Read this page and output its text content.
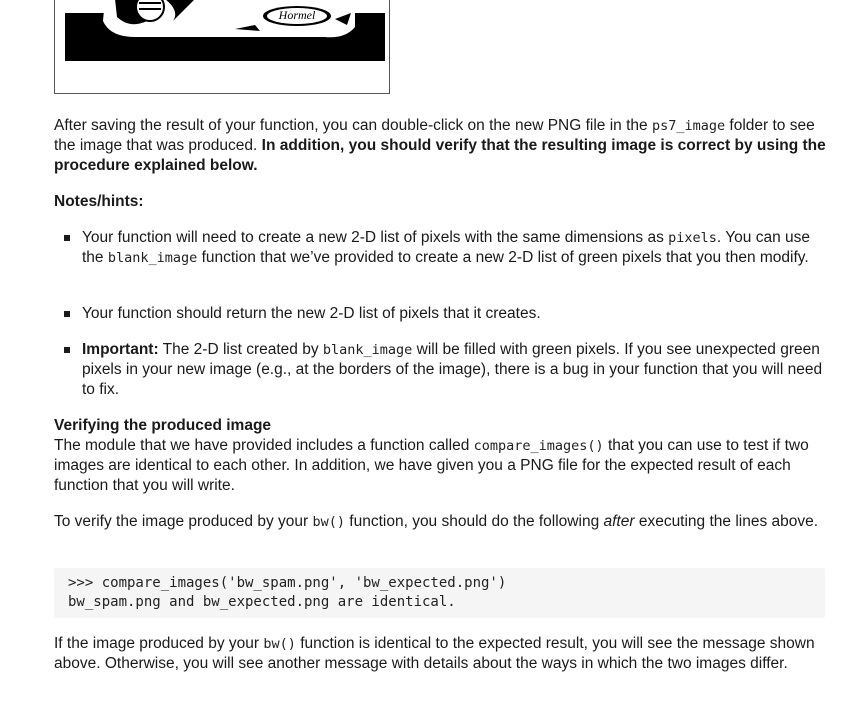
Hormel

After saving the result of your function, you can double-click on the new PNG file in the ps7_image folder to see the image that was produced. In addition, you should verify that the resulting image is correct by using the procedure explained below.

Notes/hints:

Your function will need to create a new 2-D list of pixels with the same dimensions as pixels. You can use the blank_image function that we’ve provided to create a new 2-D list of green pixels that you then modify.
Your function should return the new 2-D list of pixels that it creates.
Important: The 2-D list created by blank_image will be filled with green pixels. If you see unexpected green pixels in your new image (e.g., at the borders of the image), there is a bug in your function that you will need to fix.

Verifying the produced image
The module that we have provided includes a function called compare_images() that you can use to test if two images are identical to each other. In addition, we have given you a PNG file for the expected result of each function that you will write.

To verify the image produced by your bw() function, you should do the following after executing the lines above.

>>> compare_images('bw_spam.png', 'bw_expected.png')
bw_spam.png and bw_expected.png are identical.

If the image produced by your bw() function is identical to the expected result, you will see the message shown above. Otherwise, you will see another message with details about the ways in which the two images differ.
